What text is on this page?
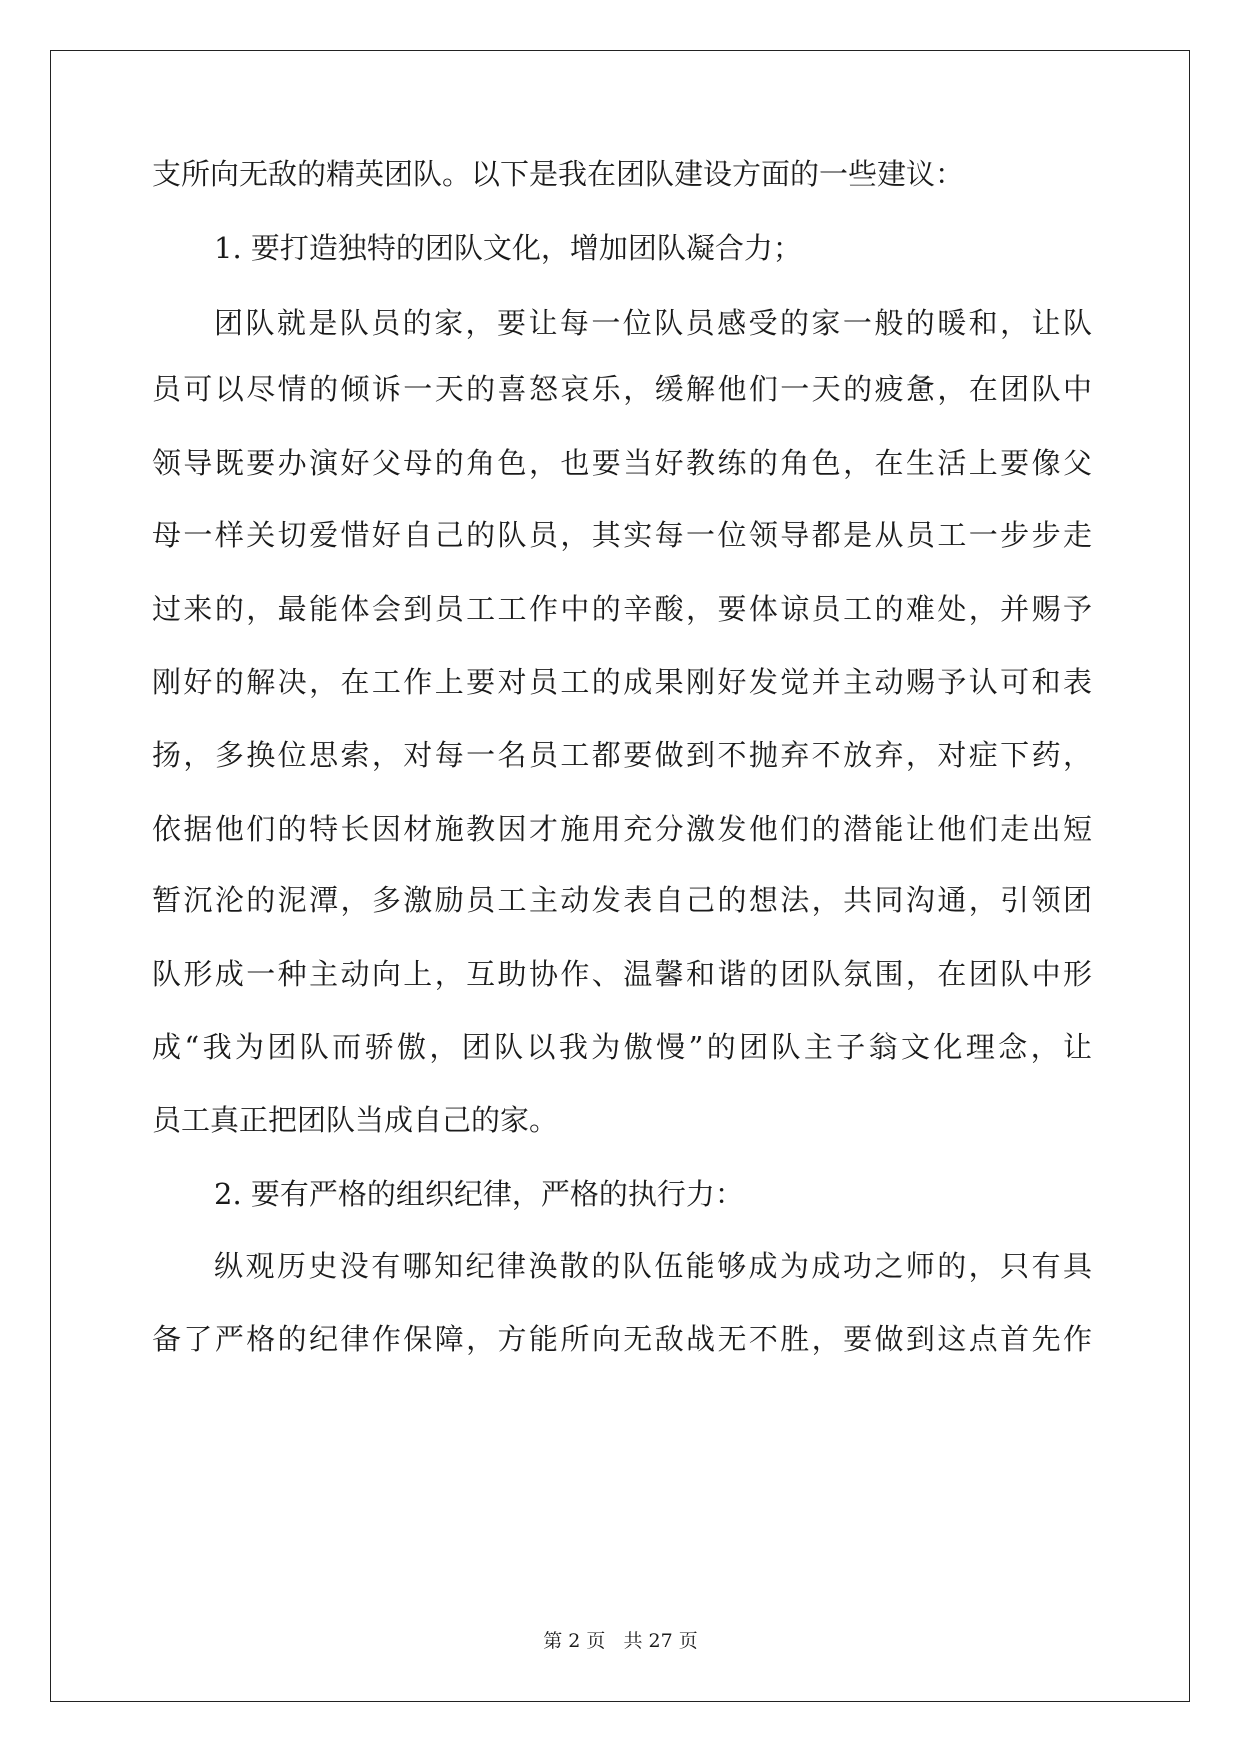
支所向无敌的精英团队。以下是我在团队建设方面的一些建议：
1. 要打造独特的团队文化，增加团队凝合力；
团队就是队员的家，要让每一位队员感受的家一般的暖和，让队
员可以尽情的倾诉一天的喜怒哀乐，缓解他们一天的疲惫，在团队中
领导既要办演好父母的角色，也要当好教练的角色，在生活上要像父
母一样关切爱惜好自己的队员，其实每一位领导都是从员工一步步走
过来的，最能体会到员工工作中的辛酸，要体谅员工的难处，并赐予
刚好的解决，在工作上要对员工的成果刚好发觉并主动赐予认可和表
扬，多换位思索，对每一名员工都要做到不抛弃不放弃，对症下药，
依据他们的特长因材施教因才施用充分激发他们的潜能让他们走出短
暂沉沦的泥潭，多激励员工主动发表自己的想法，共同沟通，引领团
队形成一种主动向上，互助协作、温馨和谐的团队氛围，在团队中形
成“我为团队而骄傲，团队以我为傲慢”的团队主子翁文化理念，让
员工真正把团队当成自己的家。
2. 要有严格的组织纪律，严格的执行力：
纵观历史没有哪知纪律涣散的队伍能够成为成功之师的，只有具
备了严格的纪律作保障，方能所向无敌战无不胜，要做到这点首先作
第 2 页 共 27 页
